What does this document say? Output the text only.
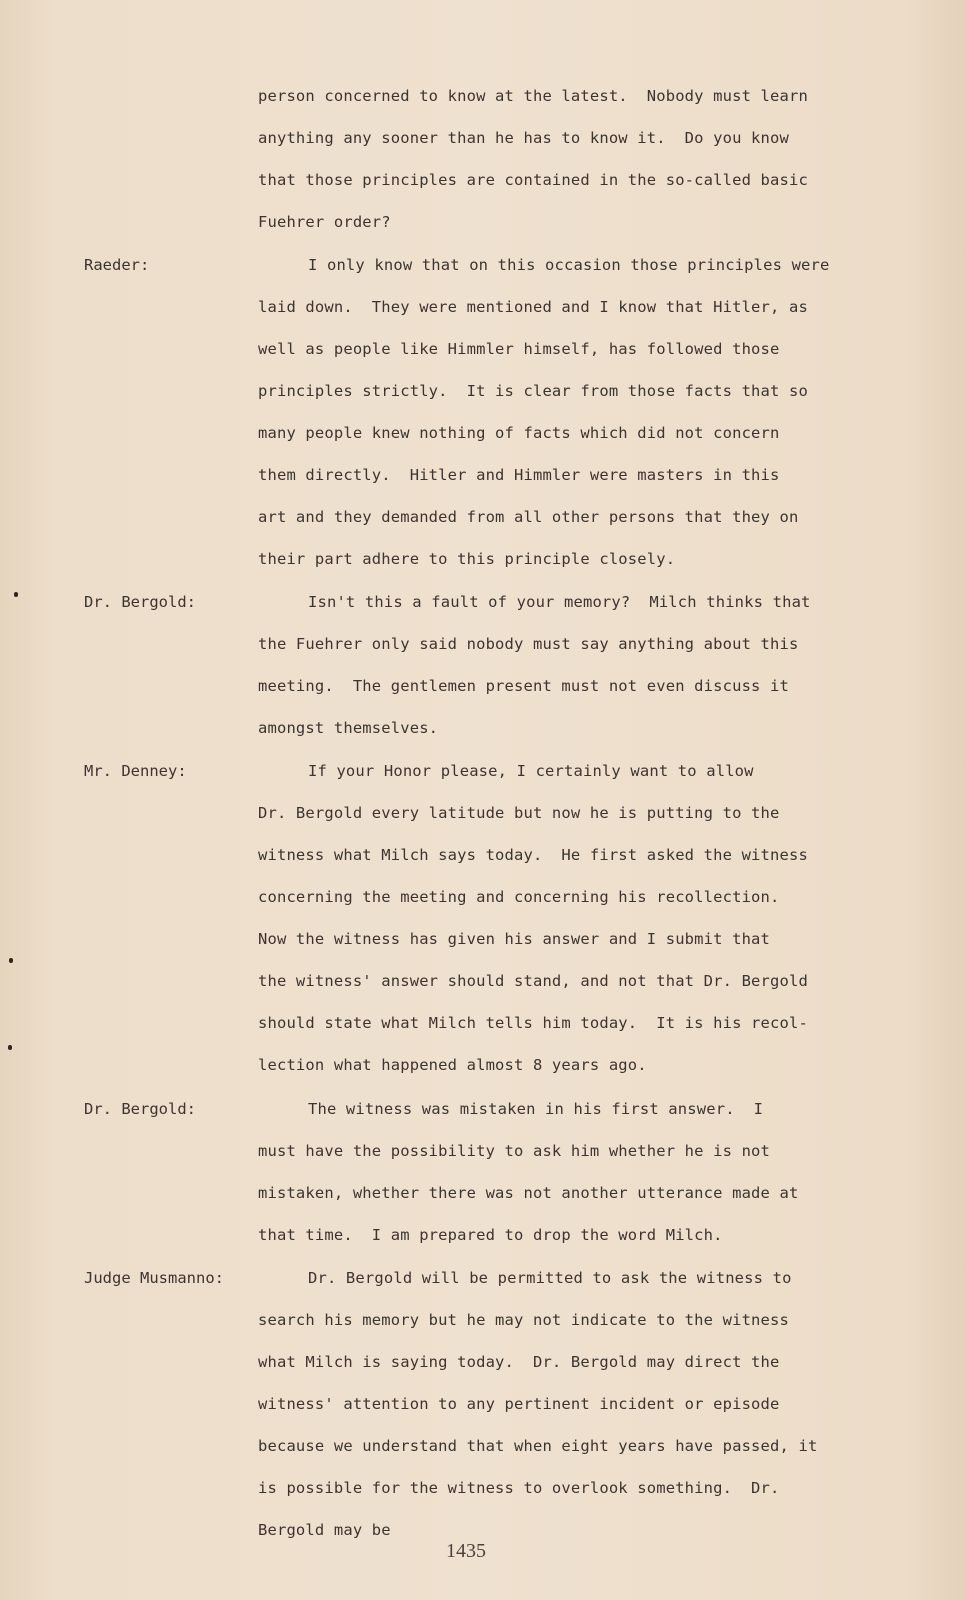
person concerned to know at the latest.  Nobody must learn
anything any sooner than he has to know it.  Do you know
that those principles are contained in the so-called basic
Fuehrer order?
Raeder:	I only know that on this occasion those principles were
laid down.  They were mentioned and I know that Hitler, as
well as people like Himmler himself, has followed those
principles strictly.  It is clear from those facts that so
many people knew nothing of facts which did not concern
them directly.  Hitler and Himmler were masters in this
art and they demanded from all other persons that they on
their part adhere to this principle closely.
Dr. Bergold:	Isn't this a fault of your memory?  Milch thinks that
the Fuehrer only said nobody must say anything about this
meeting.  The gentlemen present must not even discuss it
amongst themselves.
Mr. Denney:	If your Honor please, I certainly want to allow
Dr. Bergold every latitude but now he is putting to the
witness what Milch says today.  He first asked the witness
concerning the meeting and concerning his recollection.
Now the witness has given his answer and I submit that
the witness' answer should stand, and not that Dr. Bergold
should state what Milch tells him today.  It is his recol-
lection what happened almost 8 years ago.
Dr. Bergold:	The witness was mistaken in his first answer.  I
must have the possibility to ask him whether he is not
mistaken, whether there was not another utterance made at
that time.  I am prepared to drop the word Milch.
Judge Musmanno:	Dr. Bergold will be permitted to ask the witness to
search his memory but he may not indicate to the witness
what Milch is saying today.  Dr. Bergold may direct the
witness' attention to any pertinent incident or episode
because we understand that when eight years have passed, it
is possible for the witness to overlook something.  Dr.
Bergold may be
1435
